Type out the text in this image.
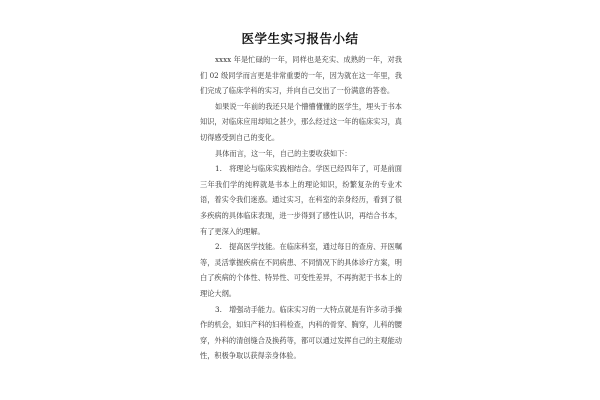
医学生实习报告小结

xxxx 年是忙碌的一年，同样也是充实、成熟的一年，对我们 02 级同学而言更是非常重要的一年，因为就在这一年里，我们完成了临床学科的实习，并向自己交出了一份满意的答卷。

如果说一年前的我还只是个懵懵懂懂的医学生，埋头于书本知识，对临床应用却知之甚少，那么经过这一年的临床实习，真切得感受到自己的变化。

具体而言，这一年，自己的主要收获如下：

1.　将理论与临床实践相结合。学医已经四年了，可是前面三年我们学的纯粹就是书本上的理论知识，纷繁复杂的专业术语，着实令我们迷惑。通过实习，在科室的亲身经历，看到了很多疾病的具体临床表现，进一步得到了感性认识，再结合书本，有了更深入的理解。

2.　提高医学技能。在临床科室，通过每日的查房、开医嘱等，灵活掌握疾病在不同病患、不同情况下的具体诊疗方案，明白了疾病的个体性、特异性、可变性差异，不再拘泥于书本上的理论大纲。

3.　增强动手能力。临床实习的一大特点就是有许多动手操作的机会，如妇产科的妇科检查，内科的骨穿、胸穿，儿科的腰穿，外科的清创缝合及换药等，都可以通过发挥自己的主观能动性，积极争取以获得亲身体验。
